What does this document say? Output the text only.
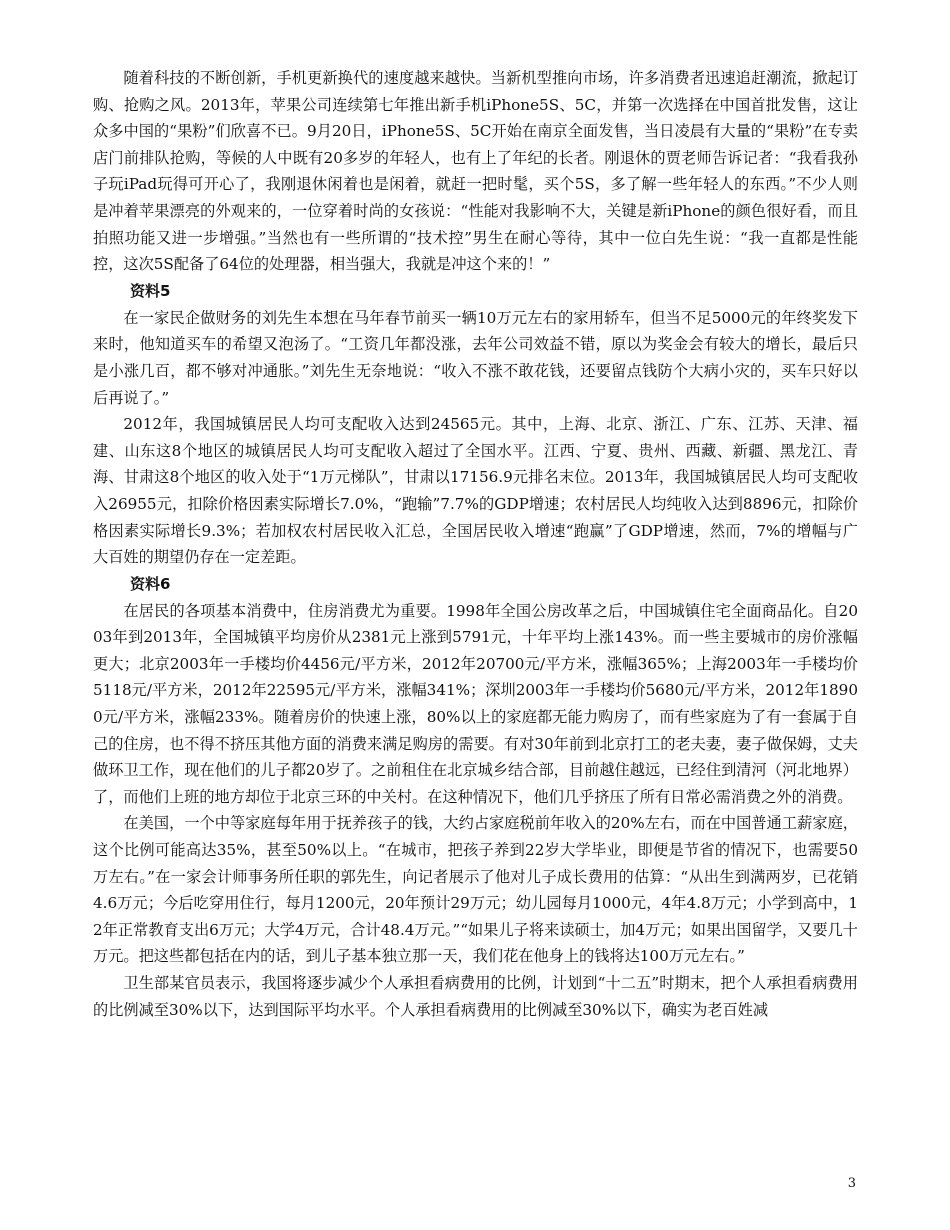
随着科技的不断创新，手机更新换代的速度越来越快。当新机型推向市场，许多消费者迅速追赶潮流，掀起订购、抢购之风。2013年，苹果公司连续第七年推出新手机iPhone5S、5C，并第一次选择在中国首批发售，这让众多中国的“果粉”们欣喜不已。9月20日，iPhone5S、5C开始在南京全面发售，当日凌晨有大量的“果粉”在专卖店门前排队抢购，等候的人中既有20多岁的年轻人，也有上了年纪的长者。刚退休的贾老师告诉记者：“我看我孙子玩iPad玩得可开心了，我刚退休闲着也是闲着，就赶一把时髦，买个5S，多了解一些年轻人的东西。”不少人则是冲着苹果漂亮的外观来的，一位穿着时尚的女孩说：“性能对我影响不大，关键是新iPhone的颜色很好看，而且拍照功能又进一步增强。”当然也有一些所谓的“技术控”男生在耐心等待，其中一位白先生说：“我一直都是性能控，这次5S配备了64位的处理器，相当强大，我就是冲这个来的！”

资料5

在一家民企做财务的刘先生本想在马年春节前买一辆10万元左右的家用轿车，但当不足5000元的年终奖发下来时，他知道买车的希望又泡汤了。“工资几年都没涨，去年公司效益不错，原以为奖金会有较大的增长，最后只是小涨几百，都不够对冲通胀。”刘先生无奈地说：“收入不涨不敢花钱，还要留点钱防个大病小灾的，买车只好以后再说了。”

2012年，我国城镇居民人均可支配收入达到24565元。其中，上海、北京、浙江、广东、江苏、天津、福建、山东这8个地区的城镇居民人均可支配收入超过了全国水平。江西、宁夏、贵州、西藏、新疆、黑龙江、青海、甘肃这8个地区的收入处于“1万元梯队”，甘肃以17156.9元排名末位。2013年，我国城镇居民人均可支配收入26955元，扣除价格因素实际增长7.0%，“跑输”7.7%的GDP增速；农村居民人均纯收入达到8896元，扣除价格因素实际增长9.3%；若加权农村居民收入汇总，全国居民收入增速“跑赢”了GDP增速，然而，7%的增幅与广大百姓的期望仍存在一定差距。

资料6

在居民的各项基本消费中，住房消费尤为重要。1998年全国公房改革之后，中国城镇住宅全面商品化。自2003年到2013年，全国城镇平均房价从2381元上涨到5791元，十年平均上涨143%。而一些主要城市的房价涨幅更大；北京2003年一手楼均价4456元/平方米，2012年20700元/平方米，涨幅365%；上海2003年一手楼均价5118元/平方米，2012年22595元/平方米，涨幅341%；深圳2003年一手楼均价5680元/平方米，2012年18900元/平方米，涨幅233%。随着房价的快速上涨，80%以上的家庭都无能力购房了，而有些家庭为了有一套属于自己的住房，也不得不挤压其他方面的消费来满足购房的需要。有对30年前到北京打工的老夫妻，妻子做保姆，丈夫做环卫工作，现在他们的儿子都20岁了。之前租住在北京城乡结合部，目前越住越远，已经住到清河（河北地界）了，而他们上班的地方却位于北京三环的中关村。在这种情况下，他们几乎挤压了所有日常必需消费之外的消费。

在美国，一个中等家庭每年用于抚养孩子的钱，大约占家庭税前年收入的20%左右，而在中国普通工薪家庭，这个比例可能高达35%，甚至50%以上。“在城市，把孩子养到22岁大学毕业，即便是节省的情况下，也需要50万左右。”在一家会计师事务所任职的郭先生，向记者展示了他对儿子成长费用的估算：“从出生到满两岁，已花销4.6万元；今后吃穿用住行，每月1200元，20年预计29万元；幼儿园每月1000元，4年4.8万元；小学到高中，12年正常教育支出6万元；大学4万元，合计48.4万元。”“如果儿子将来读硕士，加4万元；如果出国留学，又要几十万元。把这些都包括在内的话，到儿子基本独立那一天，我们花在他身上的钱将达100万元左右。”

卫生部某官员表示，我国将逐步减少个人承担看病费用的比例，计划到“十二五”时期末，把个人承担看病费用的比例减至30%以下，达到国际平均水平。个人承担看病费用的比例减至30%以下，确实为老百姓减

3
